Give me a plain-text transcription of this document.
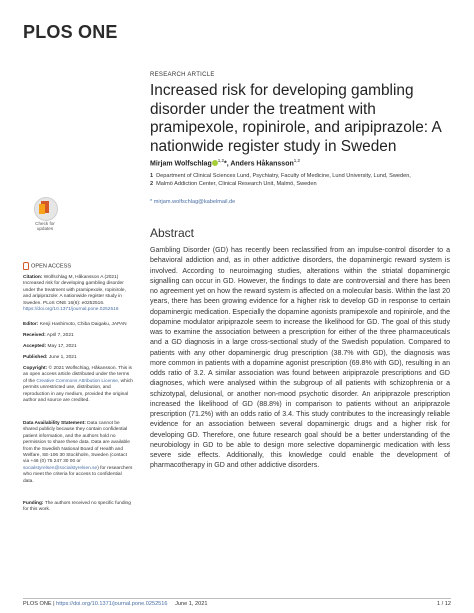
PLOS ONE
RESEARCH ARTICLE
Increased risk for developing gambling disorder under the treatment with pramipexole, ropinirole, and aripiprazole: A nationwide register study in Sweden
Mirjam Wolfschlag $^{1,2}$*, Anders Håkansson$^{1,2}$
1 Department of Clinical Sciences Lund, Psychiatry, Faculty of Medicine, Lund University, Lund, Sweden,
2 Malmö Addiction Center, Clinical Research Unit, Malmö, Sweden
* mirjam.wolfschlag@kabelmail.de
Check for updates
OPEN ACCESS
Citation: Wolfschlag M, Håkansson A (2021) Increased risk for developing gambling disorder under the treatment with pramipexole, ropinirole, and aripiprazole: A nationwide register study in Sweden. PLoS ONE 16(6): e0252516. https://doi.org/10.1371/journal.pone.0252516
Editor: Kenji Hashimoto, Chiba Daigaku, JAPAN
Received: April 7, 2021
Accepted: May 17, 2021
Published: June 1, 2021
Copyright: © 2021 Wolfschlag, Håkansson. This is an open access article distributed under the terms of the Creative Commons Attribution License, which permits unrestricted use, distribution, and reproduction in any medium, provided the original author and source are credited.
Data Availability Statement: Data cannot be shared publicly because they contain confidential patient information, and the authors hold no permission to share these data. Data are available from the Swedish National Board of Health and Welfare, SE-106 30 Stockholm, Sweden (contact via +46 (0) 75 247 30 00 or socialstyrelsen@socialstyrelsen.se) for researchers who meet the criteria for access to confidential data.
Funding: The authors received no specific funding for this work.
Abstract
Gambling Disorder (GD) has recently been reclassified from an impulse-control disorder to a behavioral addiction and, as in other addictive disorders, the dopaminergic reward system is involved. According to neuroimaging studies, alterations within the striatal dopaminergic signalling can occur in GD. However, the findings to date are controversial and there has been no agreement yet on how the reward system is affected on a molecular basis. Within the last 20 years, there has been growing evidence for a higher risk to develop GD in response to certain dopaminergic medication. Especially the dopamine agonists pramipexole and ropinirole, and the dopamine modulator aripiprazole seem to increase the likelihood for GD. The goal of this study was to examine the association between a prescription for either of the three pharmaceuticals and a GD diagnosis in a large cross-sectional study of the Swedish population. Compared to patients with any other dopaminergic drug prescription (38.7% with GD), the diagnosis was more common in patients with a dopamine agonist prescription (69.8% with GD), resulting in an odds ratio of 3.2. A similar association was found between aripiprazole prescriptions and GD diagnoses, which were analysed within the subgroup of all patients with schizophrenia or a schizotypal, delusional, or another non-mood psychotic disorder. An aripiprazole prescription increased the likelihood of GD (88.8%) in comparison to patients without an aripiprazole prescription (71.2%) with an odds ratio of 3.4. This study contributes to the increasingly reliable evidence for an association between several dopaminergic drugs and a higher risk for developing GD. Therefore, one future research goal should be a better understanding of the neurobiology in GD to be able to design more selective dopaminergic medication with less severe side effects. Additionally, this knowledge could enable the development of pharmacotherapy in GD and other addictive disorders.
PLOS ONE | https://doi.org/10.1371/journal.pone.0252516 June 1, 2021	1 / 12
